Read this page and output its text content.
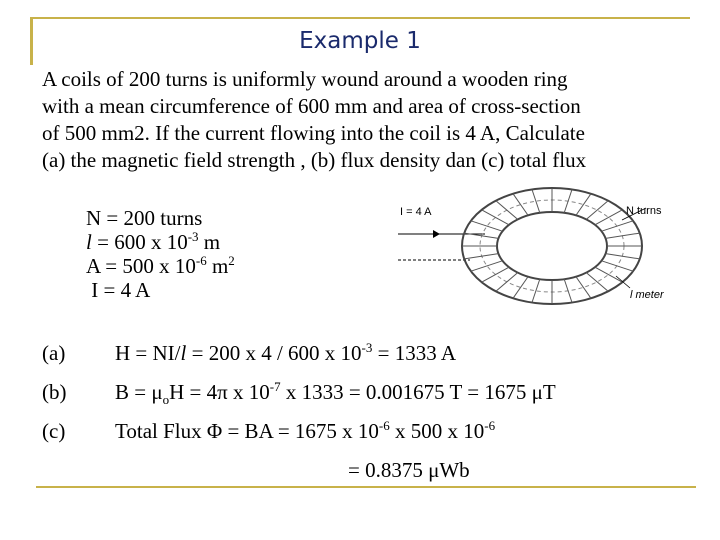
Example 1
A coils of 200 turns is uniformly wound around a wooden ring
with a mean circumference of 600 mm and area of cross-section
of 500 mm2. If the current flowing into the coil is 4 A, Calculate
(a) the magnetic field strength , (b) flux density dan (c) total flux
N = 200 turns
l = 600 x $10^{-3}$ m
A = 500 x $10^{-6}$ $m^2$
I = 4 A
I = 4 A	N turns
l meter
(a) H = NI/l = 200 x 4 / 600 x $10^{-3} = 1333$ A
(b) $B = \mu_oH = 4\pi$ x $10^{-7}$ x 1333 = 0.001675 T = 1675 μT
(c) Total Flux Φ = BA = 1675 x $10^{-6}$ x 500 x $10^{-6}$
= 0.8375 μWb
